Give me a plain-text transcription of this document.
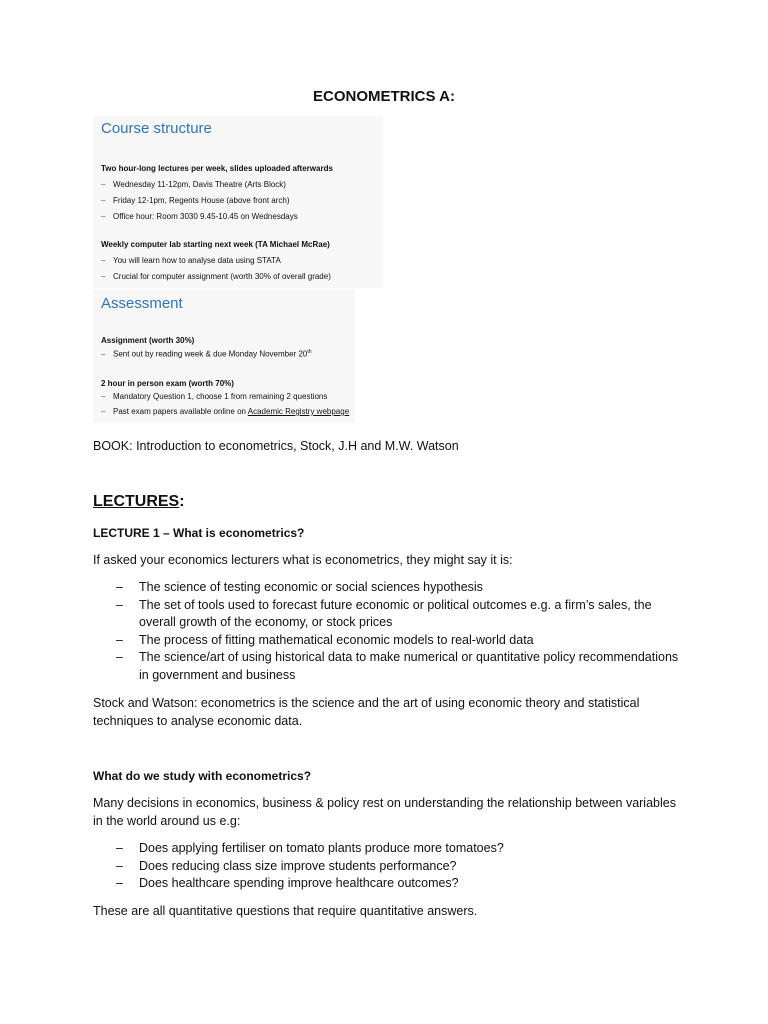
ECONOMETRICS A:
Course structure
Two hour-long lectures per week, slides uploaded afterwards
– Wednesday 11-12pm, Davis Theatre (Arts Block)
– Friday 12-1pm, Regents House (above front arch)
– Office hour: Room 3030 9.45-10.45 on Wednesdays
Weekly computer lab starting next week (TA Michael McRae)
– You will learn how to analyse data using STATA
– Crucial for computer assignment (worth 30% of overall grade)
Assessment
Assignment (worth 30%)
– Sent out by reading week & due Monday November 20th
2 hour in person exam (worth 70%)
– Mandatory Question 1, choose 1 from remaining 2 questions
– Past exam papers available online on Academic Registry webpage
BOOK: Introduction to econometrics, Stock, J.H and M.W. Watson
LECTURES:
LECTURE 1 – What is econometrics?
If asked your economics lecturers what is econometrics, they might say it is:
– The science of testing economic or social sciences hypothesis
– The set of tools used to forecast future economic or political outcomes e.g. a firm’s sales, the overall growth of the economy, or stock prices
– The process of fitting mathematical economic models to real-world data
– The science/art of using historical data to make numerical or quantitative policy recommendations in government and business
Stock and Watson: econometrics is the science and the art of using economic theory and statistical techniques to analyse economic data.
What do we study with econometrics?
Many decisions in economics, business & policy rest on understanding the relationship between variables in the world around us e.g:
– Does applying fertiliser on tomato plants produce more tomatoes?
– Does reducing class size improve students performance?
– Does healthcare spending improve healthcare outcomes?
These are all quantitative questions that require quantitative answers.
